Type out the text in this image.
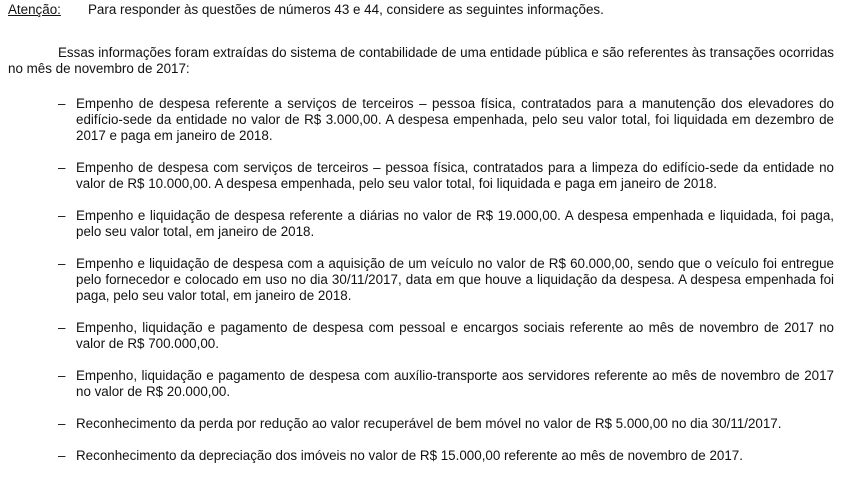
Atenção: Para responder às questões de números 43 e 44, considere as seguintes informações.

Essas informações foram extraídas do sistema de contabilidade de uma entidade pública e são referentes às transações ocorridas no mês de novembro de 2017:

– Empenho de despesa referente a serviços de terceiros – pessoa física, contratados para a manutenção dos elevadores do edifício-sede da entidade no valor de R$ 3.000,00. A despesa empenhada, pelo seu valor total, foi liquidada em dezembro de 2017 e paga em janeiro de 2018.
– Empenho de despesa com serviços de terceiros – pessoa física, contratados para a limpeza do edifício-sede da entidade no valor de R$ 10.000,00. A despesa empenhada, pelo seu valor total, foi liquidada e paga em janeiro de 2018.
– Empenho e liquidação de despesa referente a diárias no valor de R$ 19.000,00. A despesa empenhada e liquidada, foi paga, pelo seu valor total, em janeiro de 2018.
– Empenho e liquidação de despesa com a aquisição de um veículo no valor de R$ 60.000,00, sendo que o veículo foi entregue pelo fornecedor e colocado em uso no dia 30/11/2017, data em que houve a liquidação da despesa. A despesa empenhada foi paga, pelo seu valor total, em janeiro de 2018.
– Empenho, liquidação e pagamento de despesa com pessoal e encargos sociais referente ao mês de novembro de 2017 no valor de R$ 700.000,00.
– Empenho, liquidação e pagamento de despesa com auxílio-transporte aos servidores referente ao mês de novembro de 2017 no valor de R$ 20.000,00.
– Reconhecimento da perda por redução ao valor recuperável de bem móvel no valor de R$ 5.000,00 no dia 30/11/2017.
– Reconhecimento da depreciação dos imóveis no valor de R$ 15.000,00 referente ao mês de novembro de 2017.
